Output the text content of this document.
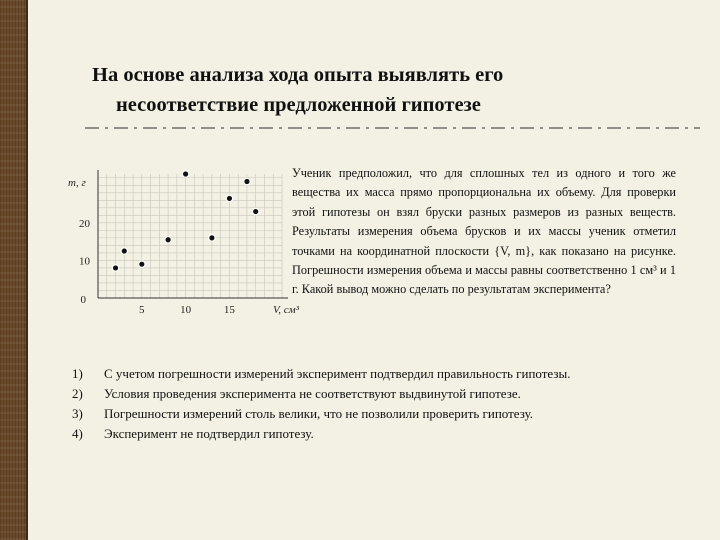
На основе анализа хода опыта выявлять его
несоответствие предложенной гипотезе
5	10	15
10
20
0
V, см³
m, г

Ученик предположил, что для сплошных тел из одного и того же вещества их масса прямо пропорциональна их объему. Для проверки этой гипотезы он взял бруски разных размеров из разных веществ. Результаты измерения объема брусков и их массы ученик отметил точками на координатной плоскости {V, m}, как показано на рисунке. Погрешности измерения объема и массы равны соответственно 1 см³ и 1 г. Какой вывод можно сделать по результатам эксперимента?

1)	С учетом погрешности измерений эксперимент подтвердил правильность гипотезы.
2)	Условия проведения эксперимента не соответствуют выдвинутой гипотезе.
3)	Погрешности измерений столь велики, что не позволили проверить гипотезу.
4)	Эксперимент не подтвердил гипотезу.
